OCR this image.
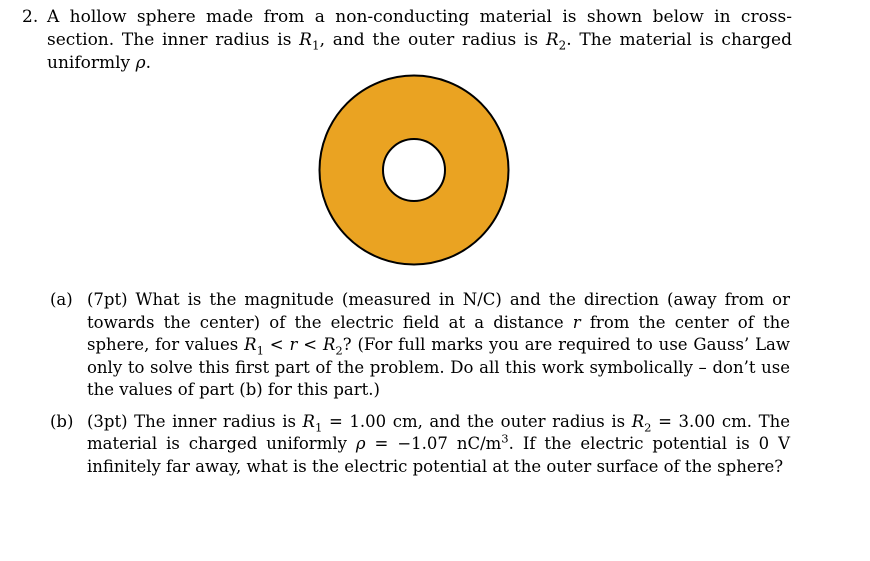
2. A hollow sphere made from a non-conducting material is shown below in cross-section. The inner radius is $R_1$, and the outer radius is $R_2$. The material is charged uniformly ρ.
(a) (7pt) What is the magnitude (measured in N/C) and the direction (away from or towards the center) of the electric field at a distance r from the center of the sphere, for values $R_1 < r < R_2$? (For full marks you are required to use Gauss’ Law only to solve this first part of the problem. Do all this work symbolically – don’t use the values of part (b) for this part.)
(b) (3pt) The inner radius is $R_1 = 1.00$ cm, and the outer radius is $R_2 = 3.00$ cm. The material is charged uniformly ρ = −1.07 $nC/m^3$. If the electric potential is 0 V infinitely far away, what is the electric potential at the outer surface of the sphere?
